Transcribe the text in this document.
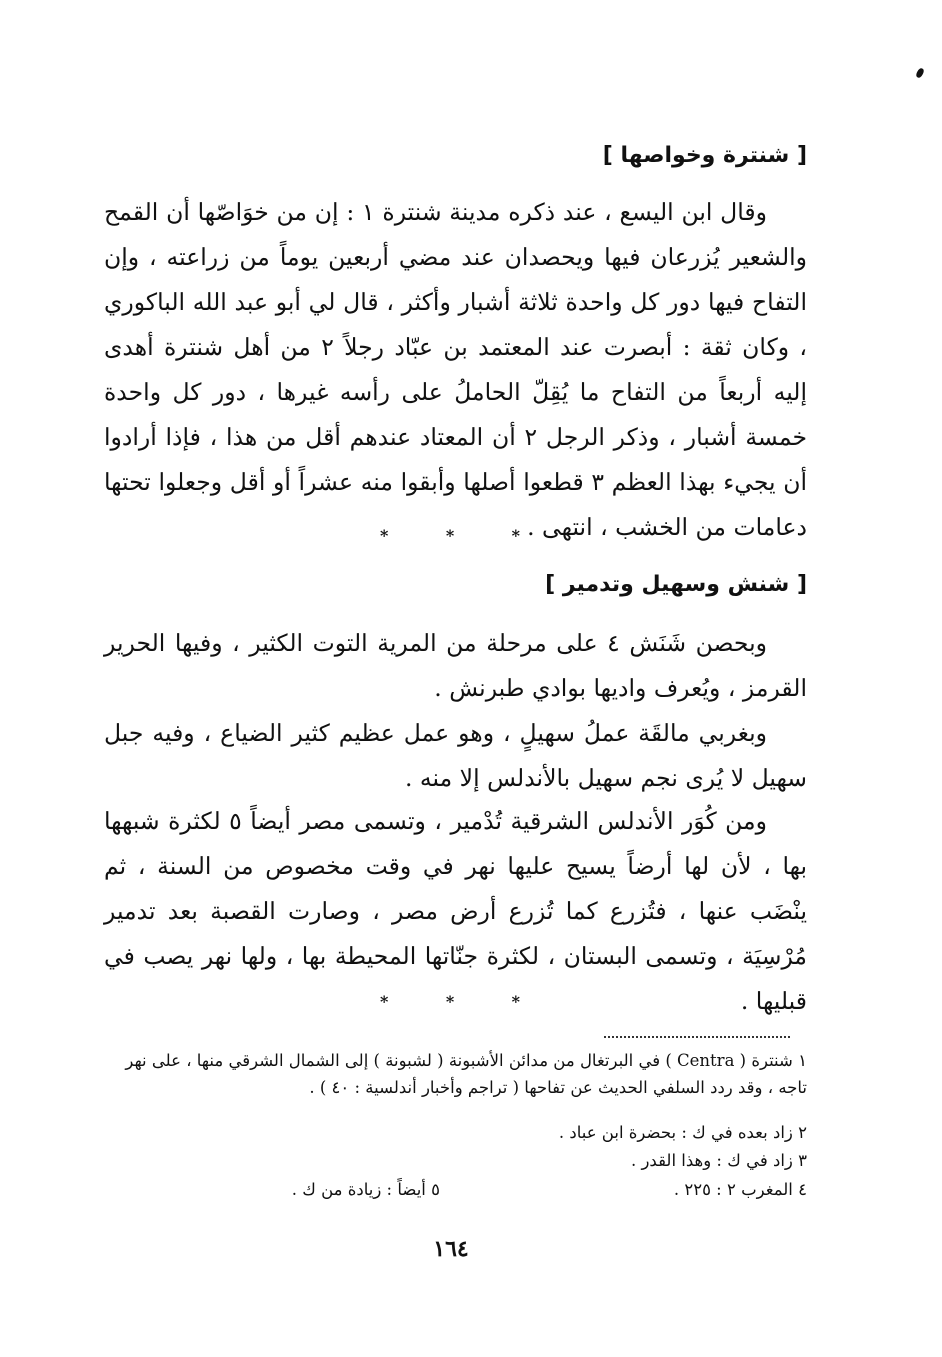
[ شنترة وخواصها ]
وقال ابن اليسع ، عند ذكره مدينة شنترة ١ : إن من خوَاصّها أن القمح والشعير يُزرعان فيها ويحصدان عند مضي أربعين يوماً من زراعته ، وإن التفاح فيها دور كل واحدة ثلاثة أشبار وأكثر ، قال لي أبو عبد الله الباكوري ، وكان ثقة : أبصرت عند المعتمد بن عبّاد رجلاً ٢ من أهل شنترة أهدى إليه أربعاً من التفاح ما يُقِلّ الحاملُ على رأسه غيرها ، دور كل واحدة خمسة أشبار ، وذكر الرجل ٢ أن المعتاد عندهم أقل من هذا ، فإذا أرادوا أن يجيء بهذا العظم ٣ قطعوا أصلها وأبقوا منه عشراً أو أقل وجعلوا تحتها دعامات من الخشب ، انتهى .
*	*	*
[ شنش وسهيل وتدمير ]
وبحصن شَنَش ٤ على مرحلة من المرية التوت الكثير ، وفيها الحرير القرمز ، ويُعرف واديها بوادي طبرنش .
وبغربي مالقَة عملُ سهيلٍ ، وهو عمل عظيم كثير الضياع ، وفيه جبل سهيل لا يُرى نجم سهيل بالأندلس إلا منه .
ومن كُوَر الأندلس الشرقية تُدْمير ، وتسمى مصر أيضاً ٥ لكثرة شبهها بها ، لأن لها أرضاً يسيح عليها نهر في وقت مخصوص من السنة ، ثم ينْضَب عنها ، فتُزرع كما تُزرع أرض مصر ، وصارت القصبة بعد تدمير مُرْسِيَة ، وتسمى البستان ، لكثرة جنّاتها المحيطة بها ، ولها نهر يصب في قبليها .
*	*	*
١ شنترة ( Centra ) في البرتغال من مدائن الأشبونة ( لشبونة ) إلى الشمال الشرقي منها ، على نهر تاجه ، وقد ردد السلفي الحديث عن تفاحها ( تراجم وأخبار أندلسية : ٤٠ ) .
٢ زاد بعده في ك : بحضرة ابن عباد .
٣ زاد في ك : وهذا القدر .
٤ المغرب ٢ : ٢٢٥ .
٥ أيضاً : زيادة من ك .
١٦٤
